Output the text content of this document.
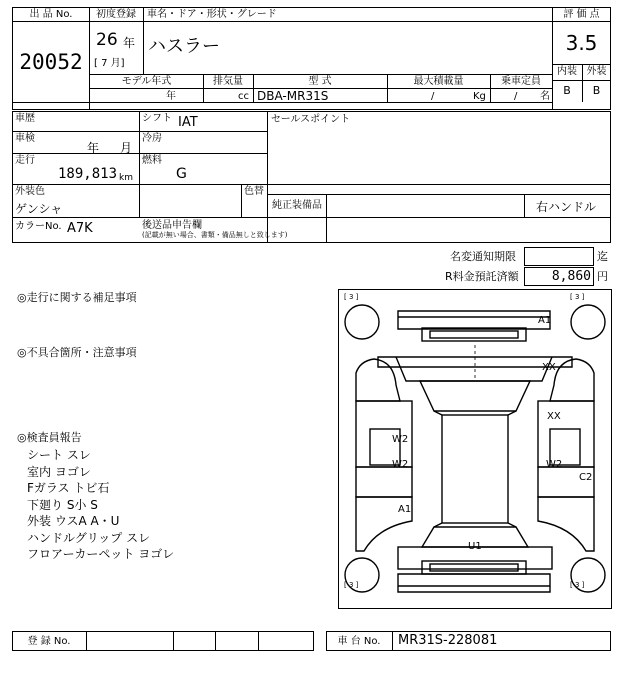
出 品 No.
20052
初度登録 車名・ドア・形状・グレード
26 年
[ 7 月]
ハスラー
評 価 点
3.5
内装 外装
B	B
モデル年式	排気量	型 式	最大積載量	乗車定員
年	cc DBA-MR31S	/	Kg	/ 名
車歴	シフト IAT	セールスポイント
車検
年 月
冷房
走行
189,813 km
燃料
G
外装色
ゲンシャ
色替
純正装備品	右ハンドル
カラーNo. A7K	後送品申告欄
(記載が無い場合、書類・備品無しと致します)
名変通知期限	迄
R料金預託済額	8,860 円
◎走行に関する補足事項
◎不具合箇所・注意事項
◎検査員報告
シート スレ
室内 ヨゴレ
Fガラス トビ石
下廻り S小 S
外装 ウスA A・U
ハンドルグリップ スレ
フロアーカーペット ヨゴレ
[ 3 ]	[ 3 ]
[ 3 ]	[ 3 ]
A1
XX
XX
W2
W2	W2
C2
A1
U1
登 録 No.	車 台 No.	MR31S-228081
